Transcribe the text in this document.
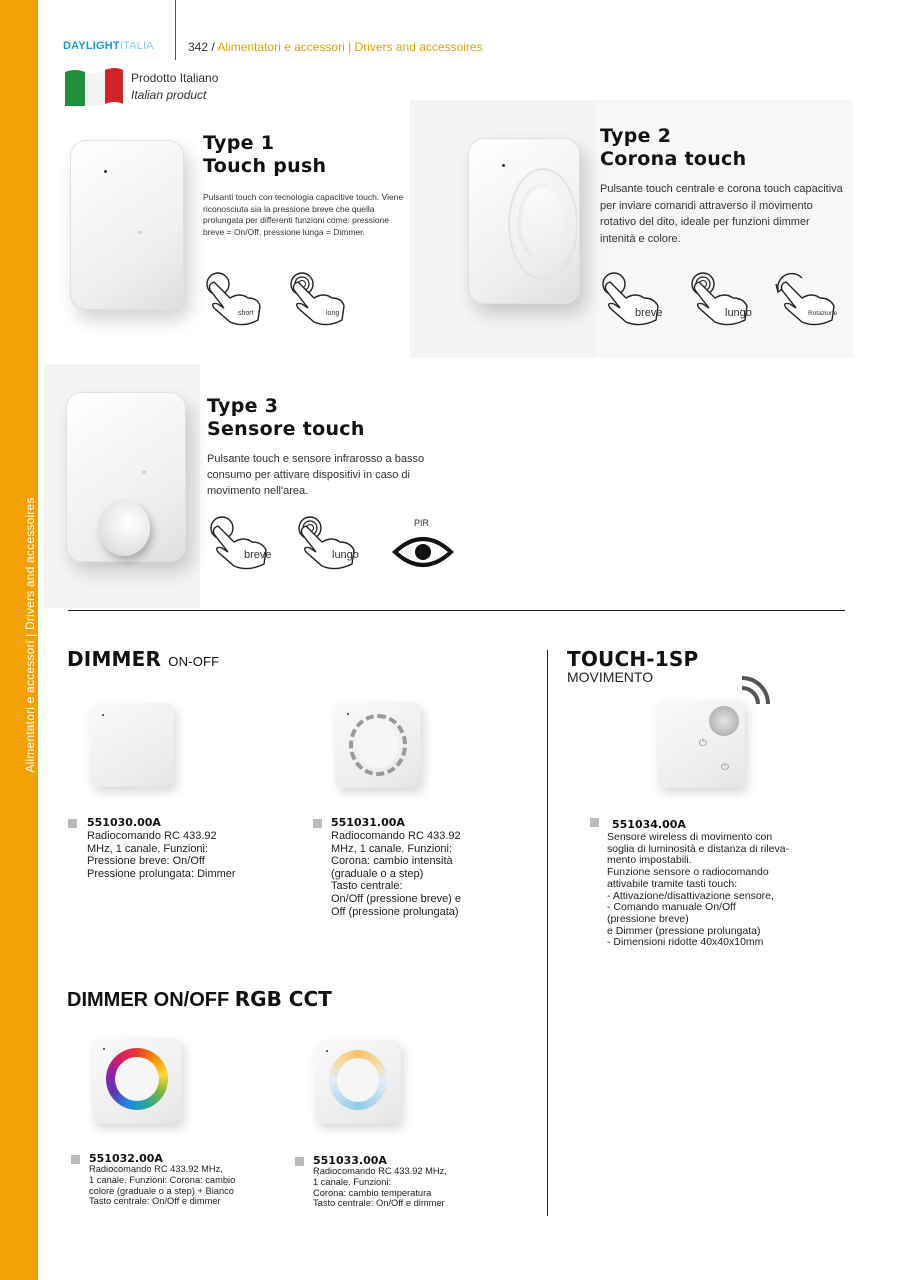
Alimentatori e accessori | Drivers and accessoires
DAYLIGHTITALIA	342 / Alimentatori e accessori | Drivers and accessoires
Prodotto Italiano
Italian product
≡
Type 1
Touch push
Pulsanti touch con tecnologia capacitive touch. Viene riconosciuta sia la pressione breve che quella prolungata per differenti funzioni come: pressione breve = On/Off, pressione lunga = Dimmer.
short	long
Type 2
Corona touch
Pulsante touch centrale e corona touch capacitiva per inviare comandi attraverso il movimento rotativo del dito, ideale per funzioni dimmer intenità e colore.
breve	lungo	Rotazione
≡
Type 3
Sensore touch
Pulsante touch e sensore infrarosso a basso consumo per attivare dispositivi in caso di movimento nell'area.
breve	lungo
PIR
DIMMER ON-OFF
551030.00A
Radiocomando RC 433.92
MHz, 1 canale. Funzioni:
Pressione breve: On/Off
Pressione prolungata: Dimmer
551031.00A
Radiocomando RC 433.92
MHz, 1 canale. Funzioni:
Corona: cambio intensità
(graduale o a step)
Tasto centrale:
On/Off (pressione breve) e
Off (pressione prolungata)
TOUCH-1SP
MOVIMENTO
⏻
⏻
551034.00A
Sensore wireless di movimento con
soglia di luminosità e distanza di rileva-
mento impostabili.
Funzione sensore o radiocomando
attivabile tramite tasti touch:
- Attivazione/disattivazione sensore,
- Comando manuale On/Off
(pressione breve)
e Dimmer (pressione prolungata)
- Dimensioni ridotte 40x40x10mm
DIMMER ON/OFF RGB CCT
551032.00A
Radiocomando RC 433.92 MHz,
1 canale. Funzioni: Corona: cambio
colore (graduale o a step) + Bianco
Tasto centrale: On/Off e dimmer
551033.00A
Radiocomando RC 433.92 MHz,
1 canale. Funzioni:
Corona: cambio temperatura
Tasto centrale: On/Off e dimmer
